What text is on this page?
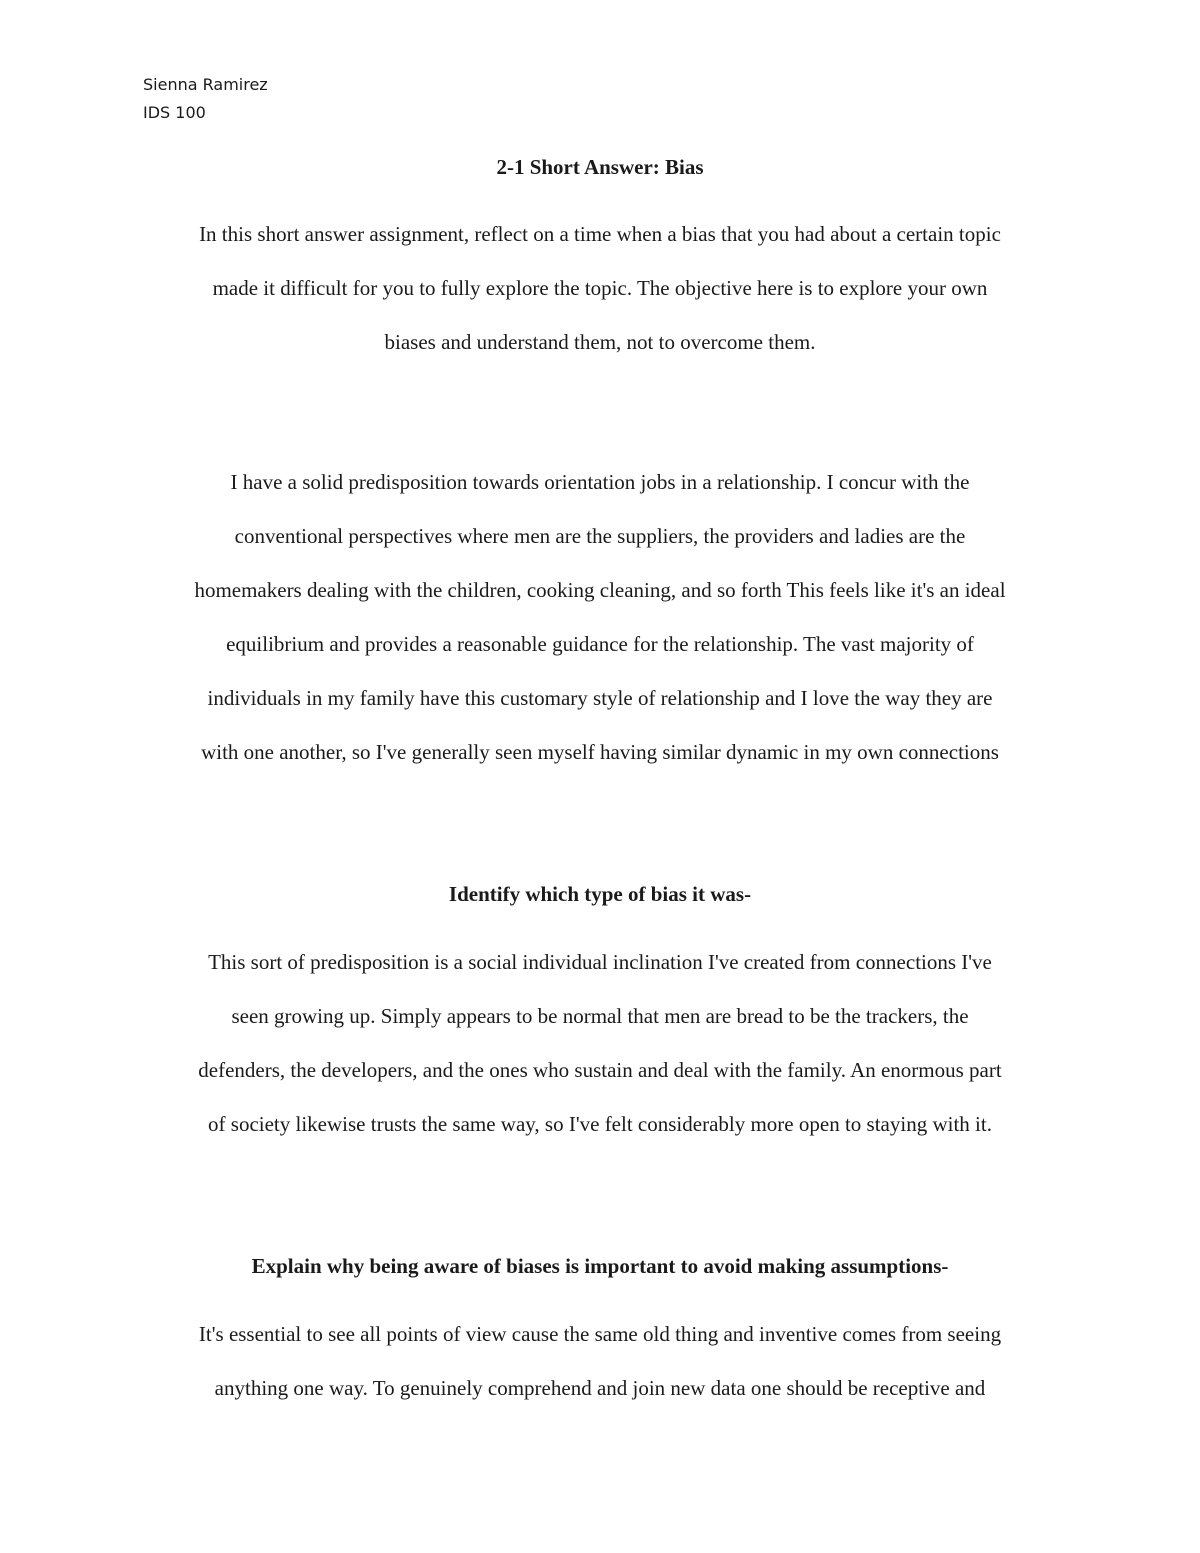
Sienna Ramirez
IDS 100
2-1 Short Answer: Bias
In this short answer assignment, reflect on a time when a bias that you had about a certain topic
made it difficult for you to fully explore the topic. The objective here is to explore your own
biases and understand them, not to overcome them.
I have a solid predisposition towards orientation jobs in a relationship. I concur with the
conventional perspectives where men are the suppliers, the providers and ladies are the
homemakers dealing with the children, cooking cleaning, and so forth This feels like it's an ideal
equilibrium and provides a reasonable guidance for the relationship. The vast majority of
individuals in my family have this customary style of relationship and I love the way they are
with one another, so I've generally seen myself having similar dynamic in my own connections
Identify which type of bias it was-
This sort of predisposition is a social individual inclination I've created from connections I've
seen growing up. Simply appears to be normal that men are bread to be the trackers, the
defenders, the developers, and the ones who sustain and deal with the family. An enormous part
of society likewise trusts the same way, so I've felt considerably more open to staying with it.
Explain why being aware of biases is important to avoid making assumptions-
It's essential to see all points of view cause the same old thing and inventive comes from seeing
anything one way. To genuinely comprehend and join new data one should be receptive and
